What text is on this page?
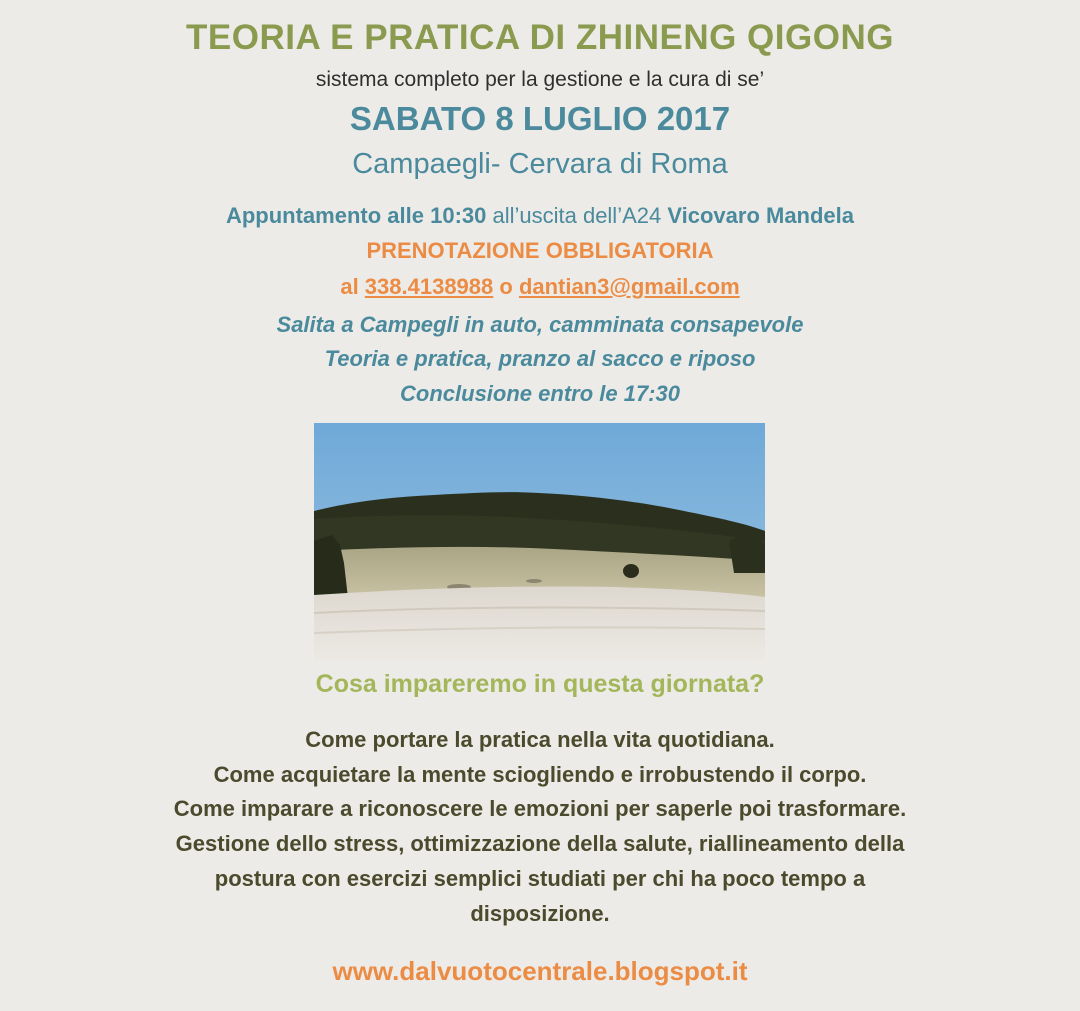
TEORIA E PRATICA DI ZHINENG QIGONG
sistema completo per la gestione e la cura di se’
SABATO 8 LUGLIO 2017
Campaegli- Cervara di Roma
Appuntamento alle 10:30 all’uscita dell’A24 Vicovaro Mandela
PRENOTAZIONE OBBLIGATORIA
al 338.4138988 o dantian3@gmail.com
Salita a Campegli in auto, camminata consapevole
Teoria e pratica, pranzo al sacco e riposo
Conclusione entro le 17:30
Cosa impareremo in questa giornata?
Come portare la pratica nella vita quotidiana.
Come acquietare la mente sciogliendo e irrobustendo il corpo.
Come imparare a riconoscere le emozioni per saperle poi trasformare.
Gestione dello stress, ottimizzazione della salute, riallineamento della
postura con esercizi semplici studiati per chi ha poco tempo a
disposizione.
www.dalvuotocentrale.blogspot.it
